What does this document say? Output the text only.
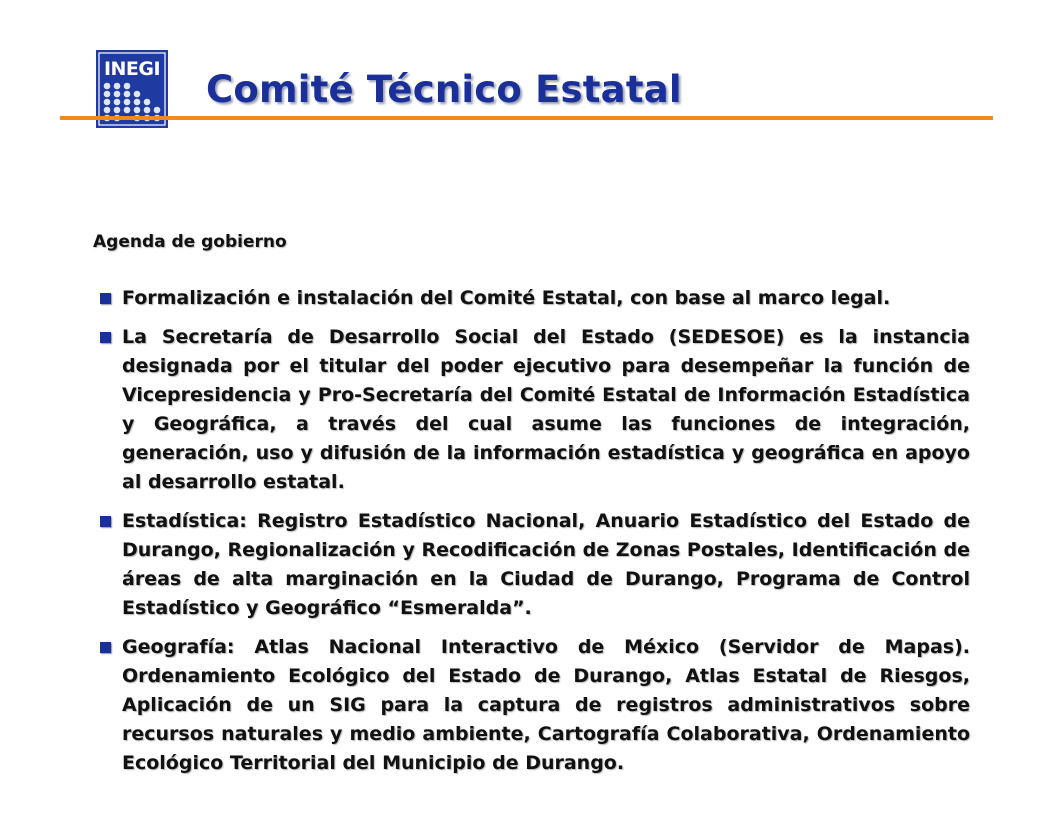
INEGI Comité Técnico Estatal
Agenda de gobierno
Formalización e instalación del Comité Estatal, con base al marco legal.
La Secretaría de Desarrollo Social del Estado (SEDESOE) es la instancia designada por el titular del poder ejecutivo para desempeñar la función de Vicepresidencia y Pro-Secretaría del Comité Estatal de Información Estadística y Geográfica, a través del cual asume las funciones de integración, generación, uso y difusión de la información estadística y geográfica en apoyo al desarrollo estatal.
Estadística: Registro Estadístico Nacional, Anuario Estadístico del Estado de Durango, Regionalización y Recodificación de Zonas Postales, Identificación de áreas de alta marginación en la Ciudad de Durango, Programa de Control Estadístico y Geográfico “Esmeralda”.
Geografía: Atlas Nacional Interactivo de México (Servidor de Mapas). Ordenamiento Ecológico del Estado de Durango, Atlas Estatal de Riesgos, Aplicación de un SIG para la captura de registros administrativos sobre recursos naturales y medio ambiente, Cartografía Colaborativa, Ordenamiento Ecológico Territorial del Municipio de Durango.
